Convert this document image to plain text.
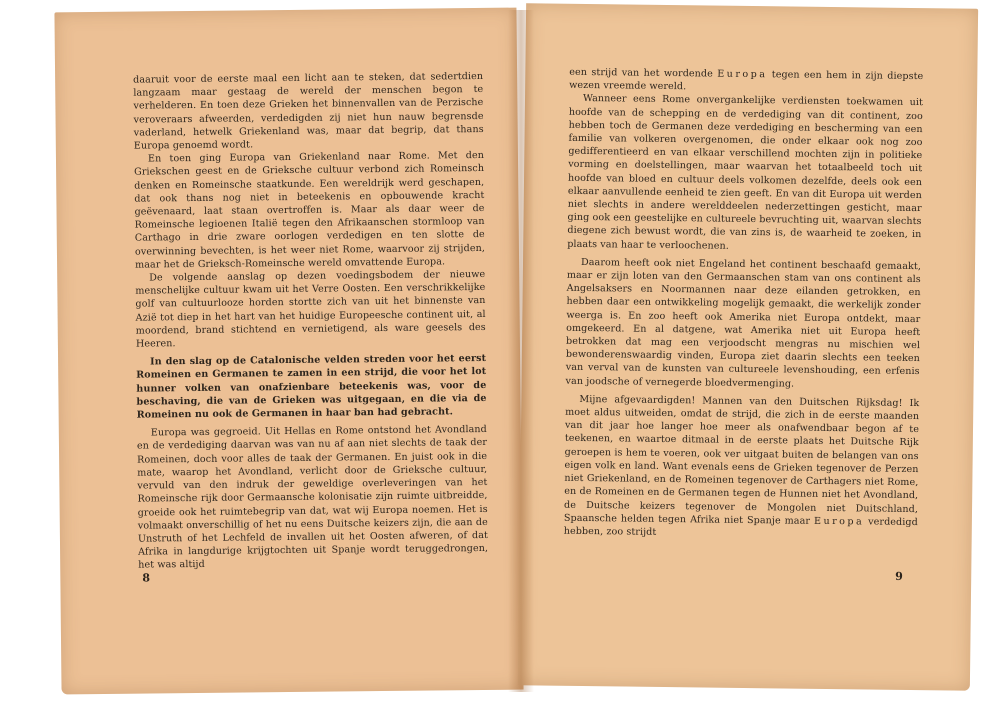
daaruit voor de eerste maal een licht aan te steken, dat sedertdien langzaam maar gestaag de wereld der menschen begon te verhelderen. En toen deze Grieken het binnenvallen van de Perzische veroveraars afweerden, verdedigden zij niet hun nauw begrensde vaderland, hetwelk Griekenland was, maar dat begrip, dat thans Europa genoemd wordt.

En toen ging Europa van Griekenland naar Rome. Met den Griekschen geest en de Grieksche cultuur verbond zich Romeinsch denken en Romeinsche staatkunde. Een wereldrijk werd geschapen, dat ook thans nog niet in beteekenis en opbouwende kracht geëvenaard, laat staan overtroffen is. Maar als daar weer de Romeinsche legioenen Italië tegen den Afrikaanschen stormloop van Carthago in drie zware oorlogen verdedigen en ten slotte de overwinning bevechten, is het weer niet Rome, waarvoor zij strijden, maar het de Grieksch-Romeinsche wereld omvattende Europa.

De volgende aanslag op dezen voedingsbodem der nieuwe menschelijke cultuur kwam uit het Verre Oosten. Een verschrikkelijke golf van cultuurlooze horden stortte zich van uit het binnenste van Azië tot diep in het hart van het huidige Europeesche continent uit, al moordend, brand stichtend en vernietigend, als ware geesels des Heeren.

In den slag op de Catalonische velden streden voor het eerst Romeinen en Germanen te zamen in een strijd, die voor het lot hunner volken van onafzienbare beteekenis was, voor de beschaving, die van de Grieken was uitgegaan, en die via de Romeinen nu ook de Germanen in haar ban had gebracht.

Europa was gegroeid. Uit Hellas en Rome ontstond het Avondland en de verdediging daarvan was van nu af aan niet slechts de taak der Romeinen, doch voor alles de taak der Germanen. En juist ook in die mate, waarop het Avondland, verlicht door de Grieksche cultuur, vervuld van den indruk der geweldige overleveringen van het Romeinsche rijk door Germaansche kolonisatie zijn ruimte uitbreidde, groeide ook het ruimtebegrip van dat, wat wij Europa noemen. Het is volmaakt onverschillig of het nu eens Duitsche keizers zijn, die aan de Unstruth of het Lechfeld de invallen uit het Oosten afweren, of dat Afrika in langdurige krijgtochten uit Spanje wordt teruggedrongen, het was altijd

8

een strijd van het wordende Europa tegen een hem in zijn diepste wezen vreemde wereld.

Wanneer eens Rome onvergankelijke verdiensten toekwamen uit hoofde van de schepping en de verdediging van dit continent, zoo hebben toch de Germanen deze verdediging en bescherming van een familie van volkeren overgenomen, die onder elkaar ook nog zoo gedifferentieerd en van elkaar verschillend mochten zijn in politieke vorming en doelstellingen, maar waarvan het totaalbeeld toch uit hoofde van bloed en cultuur deels volkomen dezelfde, deels ook een elkaar aanvullende eenheid te zien geeft. En van dit Europa uit werden niet slechts in andere werelddeelen nederzettingen gesticht, maar ging ook een geestelijke en cultureele bevruchting uit, waarvan slechts diegene zich bewust wordt, die van zins is, de waarheid te zoeken, in plaats van haar te verloochenen.

Daarom heeft ook niet Engeland het continent beschaafd gemaakt, maar er zijn loten van den Germaanschen stam van ons continent als Angelsaksers en Noormannen naar deze eilanden getrokken, en hebben daar een ontwikkeling mogelijk gemaakt, die werkelijk zonder weerga is. En zoo heeft ook Amerika niet Europa ontdekt, maar omgekeerd. En al datgene, wat Amerika niet uit Europa heeft betrokken dat mag een verjoodscht mengras nu mischien wel bewonderenswaardig vinden, Europa ziet daarin slechts een teeken van verval van de kunsten van cultureele levenshouding, een erfenis van joodsche of vernegerde bloedvermenging.

Mijne afgevaardigden! Mannen van den Duitschen Rijksdag! Ik moet aldus uitweiden, omdat de strijd, die zich in de eerste maanden van dit jaar hoe langer hoe meer als onafwendbaar begon af te teekenen, en waartoe ditmaal in de eerste plaats het Duitsche Rijk geroepen is hem te voeren, ook ver uitgaat buiten de belangen van ons eigen volk en land. Want evenals eens de Grieken tegenover de Perzen niet Griekenland, en de Romeinen tegenover de Carthagers niet Rome, en de Romeinen en de Germanen tegen de Hunnen niet het Avondland, de Duitsche keizers tegenover de Mongolen niet Duitschland, Spaansche helden tegen Afrika niet Spanje maar Europa verdedigd hebben, zoo strijdt

9
